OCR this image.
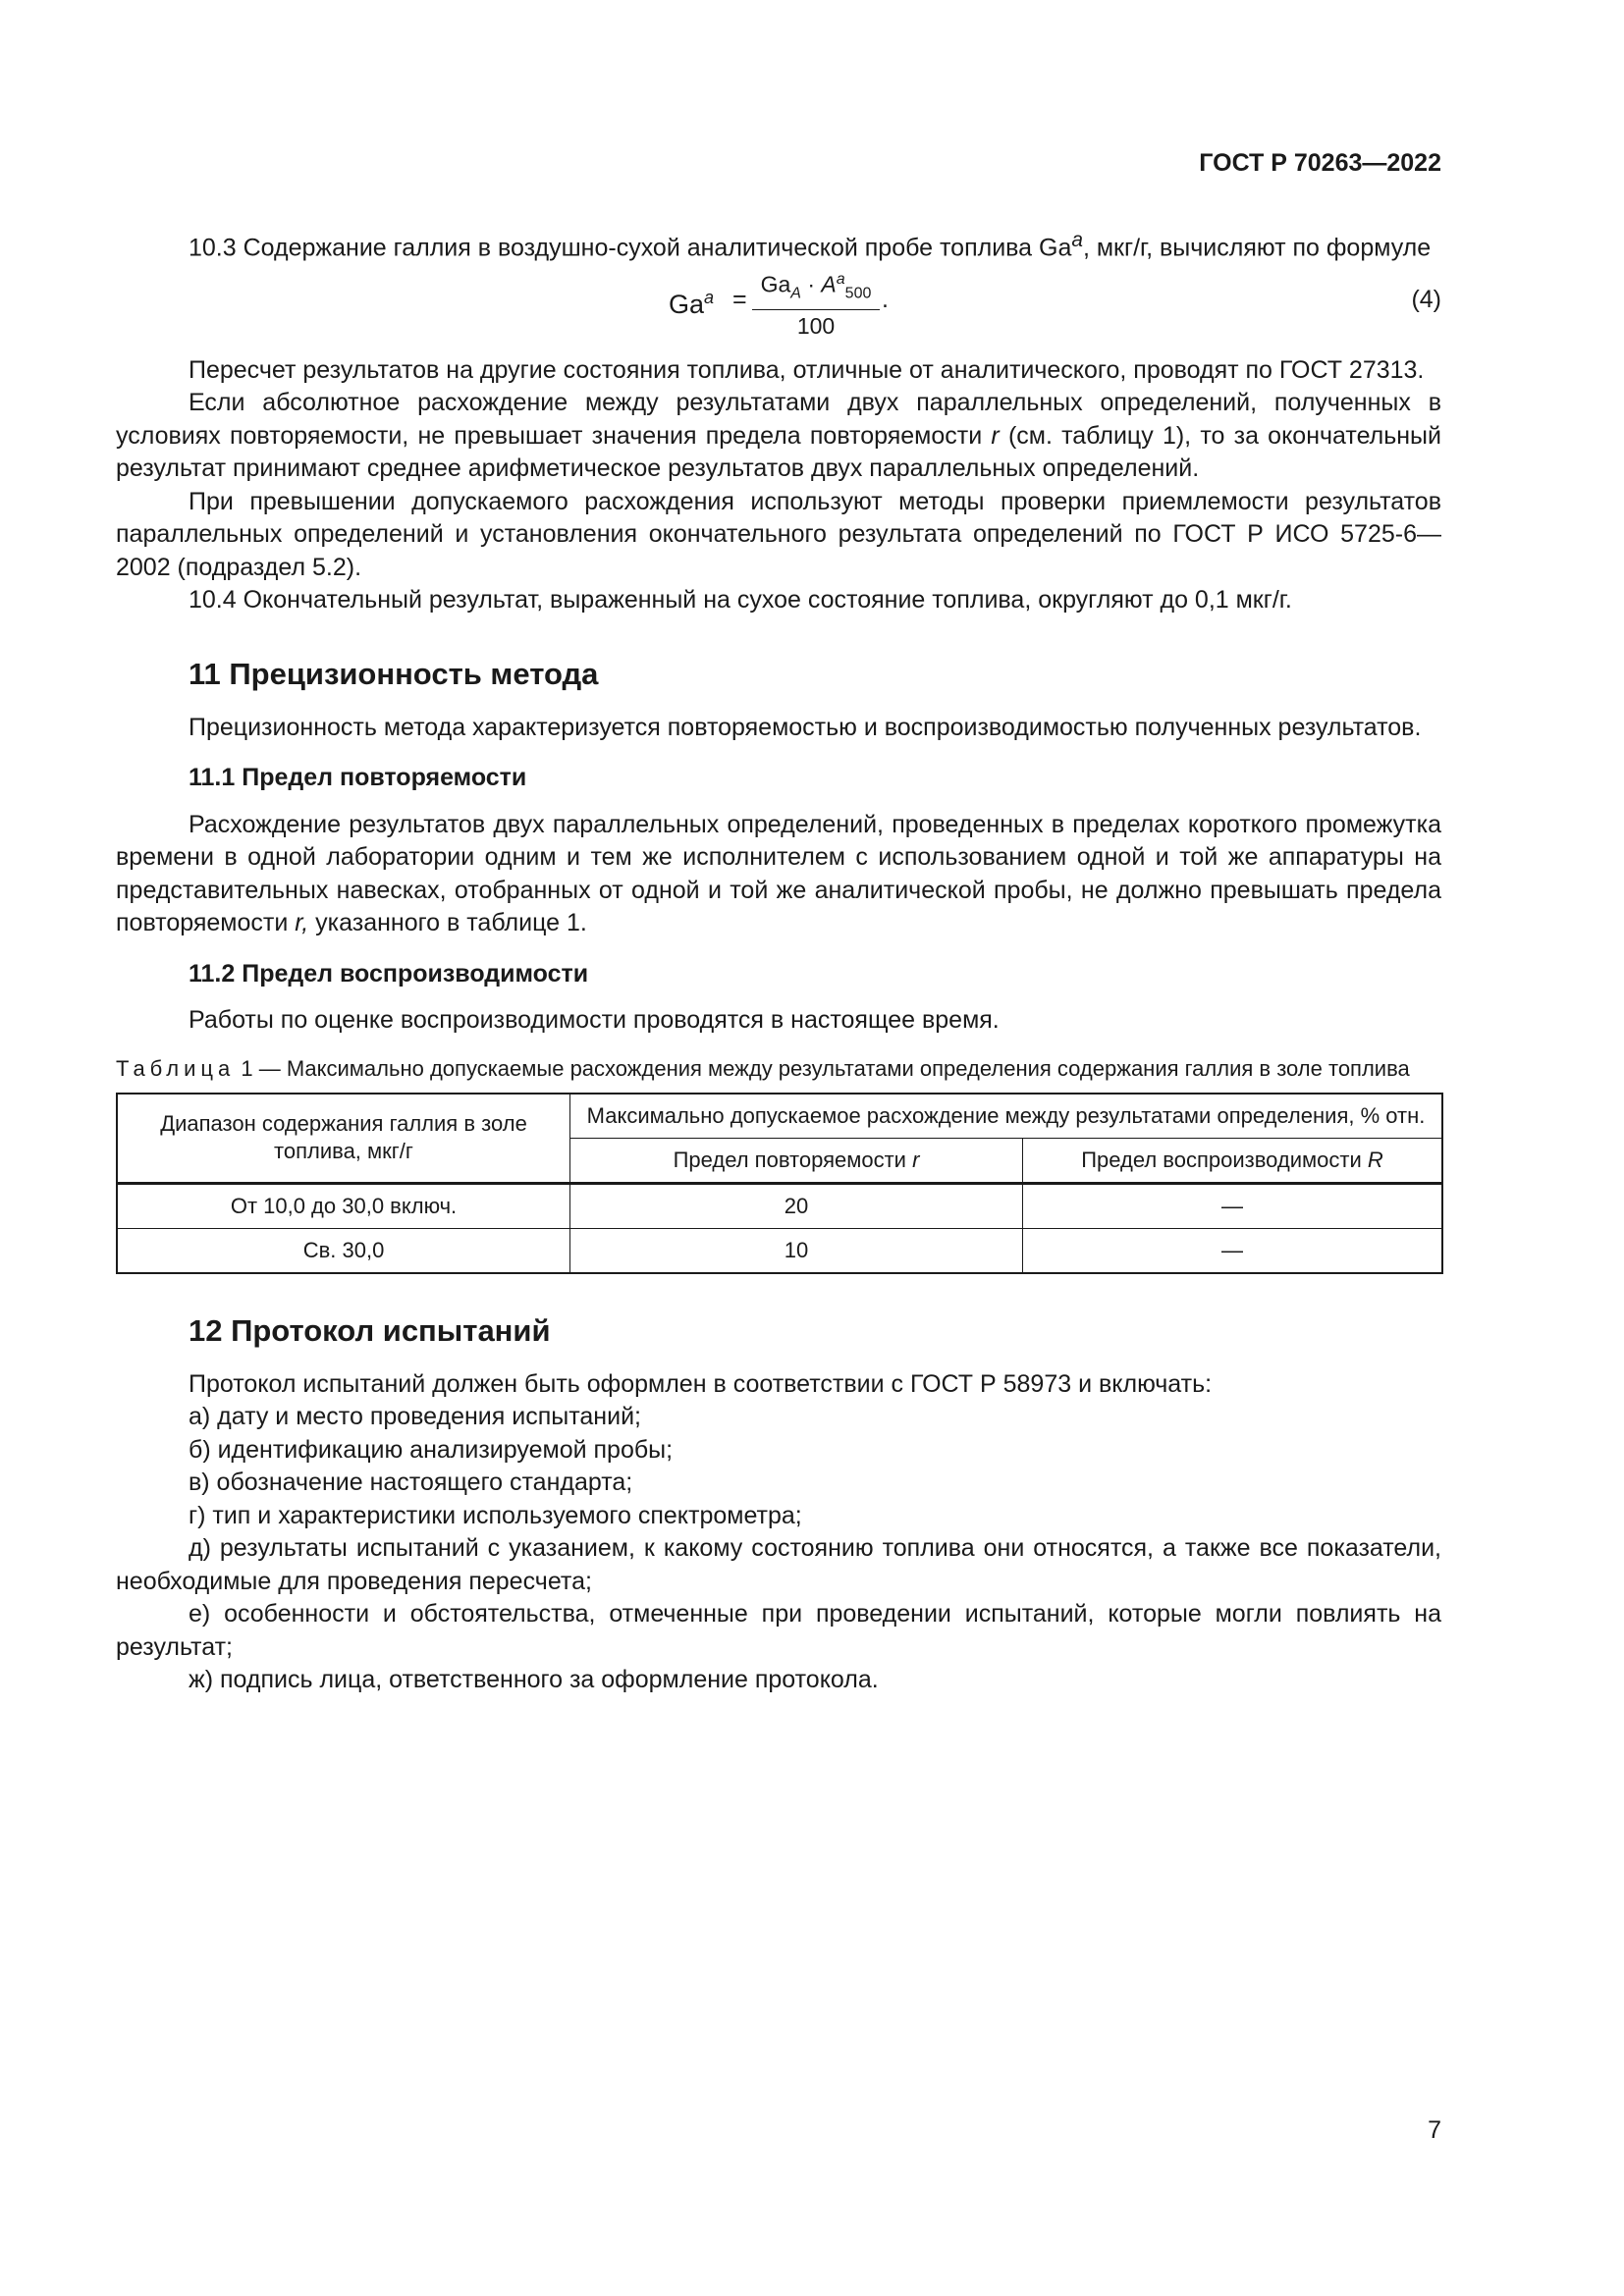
ГОСТ Р 70263—2022

10.3 Содержание галлия в воздушно-сухой аналитической пробе топлива Ga$^a$, мкг/г, вычисляют по формуле

$Ga^a$ =
$Ga_A \cdot A^a_{500}$
100
.	(4)

Пересчет результатов на другие состояния топлива, отличные от аналитического, проводят по ГОСТ 27313.

Если абсолютное расхождение между результатами двух параллельных определений, полученных в условиях повторяемости, не превышает значения предела повторяемости r (см. таблицу 1), то за окончательный результат принимают среднее арифметическое результатов двух параллельных определений.

При превышении допускаемого расхождения используют методы проверки приемлемости результатов параллельных определений и установления окончательного результата определений по ГОСТ Р ИСО 5725-6—2002 (подраздел 5.2).

10.4 Окончательный результат, выраженный на сухое состояние топлива, округляют до 0,1 мкг/г.

11 Прецизионность метода

Прецизионность метода характеризуется повторяемостью и воспроизводимостью полученных результатов.

11.1 Предел повторяемости

Расхождение результатов двух параллельных определений, проведенных в пределах короткого промежутка времени в одной лаборатории одним и тем же исполнителем с использованием одной и той же аппаратуры на представительных навесках, отобранных от одной и той же аналитической пробы, не должно превышать предела повторяемости r, указанного в таблице 1.

11.2 Предел воспроизводимости

Работы по оценке воспроизводимости проводятся в настоящее время.

Таблица 1 — Максимально допускаемые расхождения между результатами определения содержания галлия в золе топлива
Диапазон содержания галлия в золе топлива, мкг/г	Максимально допускаемое расхождение между результатами определения, % отн.	
	Предел повторяемости r	Предел воспроизводимости R
От 10,0 до 30,0 включ.	20	—
Св. 30,0	10	—
12 Протокол испытаний

Протокол испытаний должен быть оформлен в соответствии с ГОСТ Р 58973 и включать:

а) дату и место проведения испытаний;

б) идентификацию анализируемой пробы;

в) обозначение настоящего стандарта;

г) тип и характеристики используемого спектрометра;

д) результаты испытаний с указанием, к какому состоянию топлива они относятся, а также все показатели, необходимые для проведения пересчета;

е) особенности и обстоятельства, отмеченные при проведении испытаний, которые могли повлиять на результат;

ж) подпись лица, ответственного за оформление протокола.

7
